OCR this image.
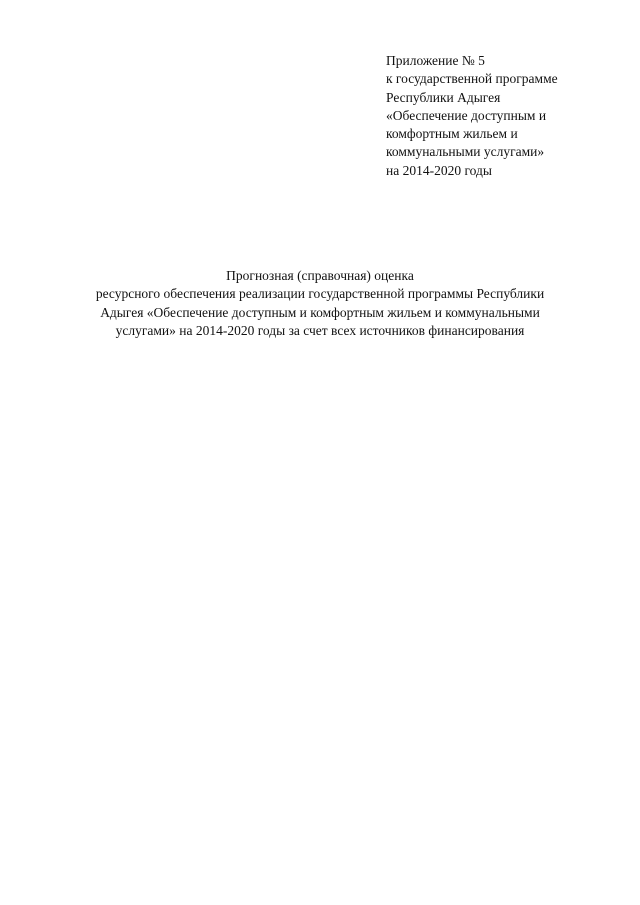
Приложение № 5
к государственной программе
Республики Адыгея
«Обеспечение доступным и
комфортным жильем и
коммунальными услугами»
на 2014-2020 годы
Прогнозная (справочная) оценка
ресурсного обеспечения реализации государственной программы Республики
Адыгея «Обеспечение доступным и комфортным жильем и коммунальными
услугами» на 2014-2020 годы за счет всех источников финансирования
